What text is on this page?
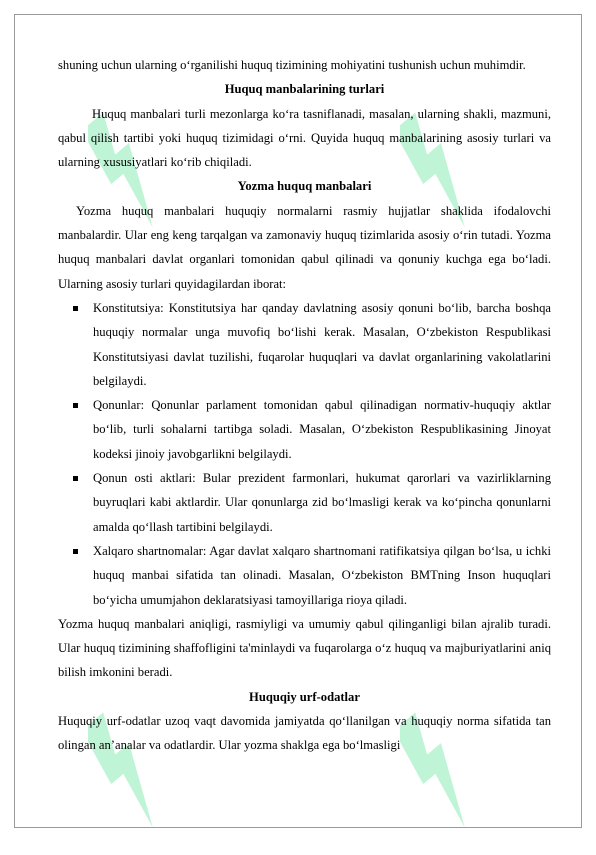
shuning uchun ularning o‘rganilishi huquq tizimining mohiyatini tushunish uchun muhimdir.

Huquq manbalarining turlari

Huquq manbalari turli mezonlarga ko‘ra tasniflanadi, masalan, ularning shakli, mazmuni, qabul qilish tartibi yoki huquq tizimidagi o‘rni. Quyida huquq manbalarining asosiy turlari va ularning xususiyatlari ko‘rib chiqiladi.

Yozma huquq manbalari

Yozma huquq manbalari huquqiy normalarni rasmiy hujjatlar shaklida ifodalovchi manbalardir. Ular eng keng tarqalgan va zamonaviy huquq tizimlarida asosiy o‘rin tutadi. Yozma huquq manbalari davlat organlari tomonidan qabul qilinadi va qonuniy kuchga ega bo‘ladi. Ularning asosiy turlari quyidagilardan iborat:

Konstitutsiya: Konstitutsiya har qanday davlatning asosiy qonuni bo‘lib, barcha boshqa huquqiy normalar unga muvofiq bo‘lishi kerak. Masalan, O‘zbekiston Respublikasi Konstitutsiyasi davlat tuzilishi, fuqarolar huquqlari va davlat organlarining vakolatlarini belgilaydi.
Qonunlar: Qonunlar parlament tomonidan qabul qilinadigan normativ-huquqiy aktlar bo‘lib, turli sohalarni tartibga soladi. Masalan, O‘zbekiston Respublikasining Jinoyat kodeksi jinoiy javobgarlikni belgilaydi.
Qonun osti aktlari: Bular prezident farmonlari, hukumat qarorlari va vazirliklarning buyruqlari kabi aktlardir. Ular qonunlarga zid bo‘lmasligi kerak va ko‘pincha qonunlarni amalda qo‘llash tartibini belgilaydi.
Xalqaro shartnomalar: Agar davlat xalqaro shartnomani ratifikatsiya qilgan bo‘lsa, u ichki huquq manbai sifatida tan olinadi. Masalan, O‘zbekiston BMTning Inson huquqlari bo‘yicha umumjahon deklaratsiyasi tamoyillariga rioya qiladi.

Yozma huquq manbalari aniqligi, rasmiyligi va umumiy qabul qilinganligi bilan ajralib turadi. Ular huquq tizimining shaffofligini ta'minlaydi va fuqarolarga o‘z huquq va majburiyatlarini aniq bilish imkonini beradi.

Huquqiy urf-odatlar

Huquqiy urf-odatlar uzoq vaqt davomida jamiyatda qo‘llanilgan va huquqiy norma sifatida tan olingan an’analar va odatlardir. Ular yozma shaklga ega bo‘lmasligi
